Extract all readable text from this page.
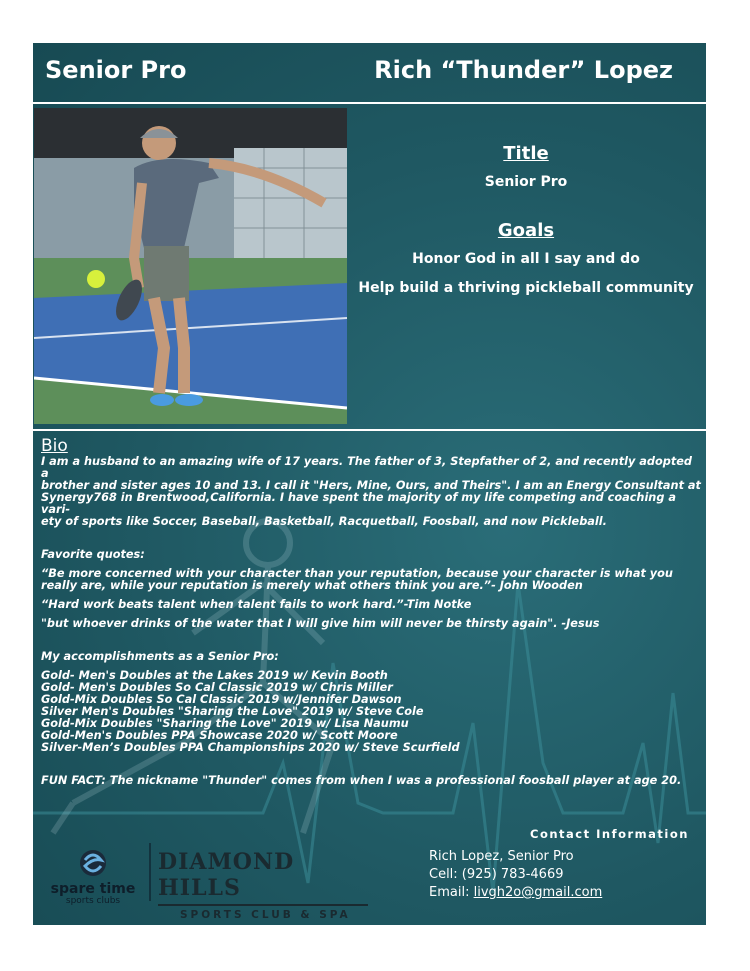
Senior Pro	Rich “Thunder” Lopez

Title

Senior Pro

Goals

Honor God in all I say and do

Help build a thriving pickleball community

Bio

I am a husband to an amazing wife of 17 years. The father of 3, Stepfather of 2, and recently adopted a

brother and sister ages 10 and 13. I call it "Hers, Mine, Ours, and Theirs". I am an Energy Consultant at

Synergy768 in Brentwood,California. I have spent the majority of my life competing and coaching a vari-

ety of sports like Soccer, Baseball, Basketball, Racquetball, Foosball, and now Pickleball.

Favorite quotes:

“Be more concerned with your character than your reputation, because your character is what you

really are, while your reputation is merely what others think you are.”- John Wooden

“Hard work beats talent when talent fails to work hard.”-Tim Notke

"but whoever drinks of the water that I will give him will never be thirsty again". -Jesus

My accomplishments as a Senior Pro:

Gold- Men's Doubles at the Lakes 2019 w/ Kevin Booth

Gold- Men's Doubles So Cal Classic 2019 w/ Chris Miller

Gold-Mix Doubles So Cal Classic 2019 w/Jennifer Dawson

Silver Men's Doubles "Sharing the Love" 2019 w/ Steve Cole

Gold-Mix Doubles "Sharing the Love" 2019 w/ Lisa Naumu

Gold-Men's Doubles PPA Showcase 2020 w/ Scott Moore

Silver-Men’s Doubles PPA Championships 2020 w/ Steve Scurfield

FUN FACT: The nickname "Thunder" comes from when I was a professional foosball player at age 20.

spare time
sports clubs
DIAMOND HILLS
SPORTS CLUB & SPA
Contact Information
Rich Lopez, Senior Pro
Cell: (925) 783-4669
Email: livgh2o@gmail.com
